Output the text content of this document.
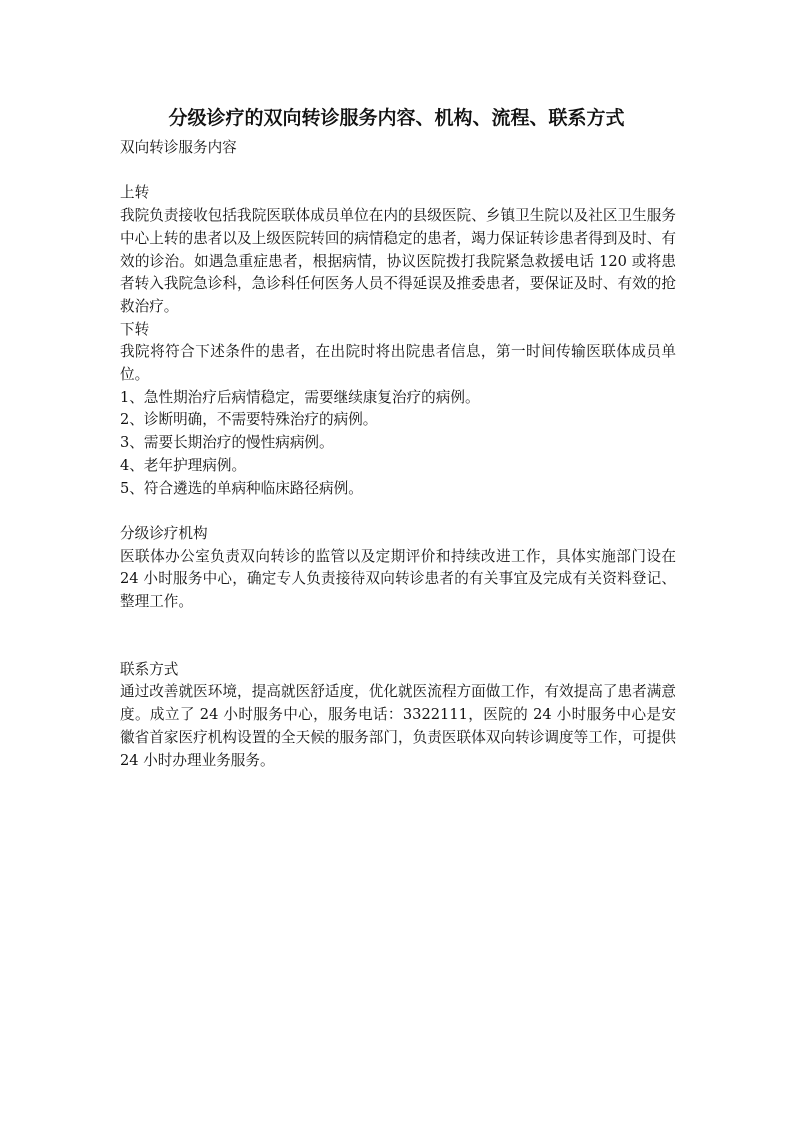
分级诊疗的双向转诊服务内容、机构、流程、联系方式

双向转诊服务内容

上转

我院负责接收包括我院医联体成员单位在内的县级医院、乡镇卫生院以及社区卫生服务中心上转的患者以及上级医院转回的病情稳定的患者，竭力保证转诊患者得到及时、有效的诊治。如遇急重症患者，根据病情，协议医院拨打我院紧急救援电话 120 或将患者转入我院急诊科，急诊科任何医务人员不得延误及推委患者，要保证及时、有效的抢救治疗。

下转

我院将符合下述条件的患者，在出院时将出院患者信息，第一时间传输医联体成员单位。

1、急性期治疗后病情稳定，需要继续康复治疗的病例。

2、诊断明确，不需要特殊治疗的病例。

3、需要长期治疗的慢性病病例。

4、老年护理病例。

5、符合遴选的单病种临床路径病例。

分级诊疗机构

医联体办公室负责双向转诊的监管以及定期评价和持续改进工作，具体实施部门设在 24 小时服务中心，确定专人负责接待双向转诊患者的有关事宜及完成有关资料登记、整理工作。

联系方式

通过改善就医环境，提高就医舒适度，优化就医流程方面做工作，有效提高了患者满意度。成立了 24 小时服务中心，服务电话：3322111，医院的 24 小时服务中心是安徽省首家医疗机构设置的全天候的服务部门，负责医联体双向转诊调度等工作，可提供 24 小时办理业务服务。
